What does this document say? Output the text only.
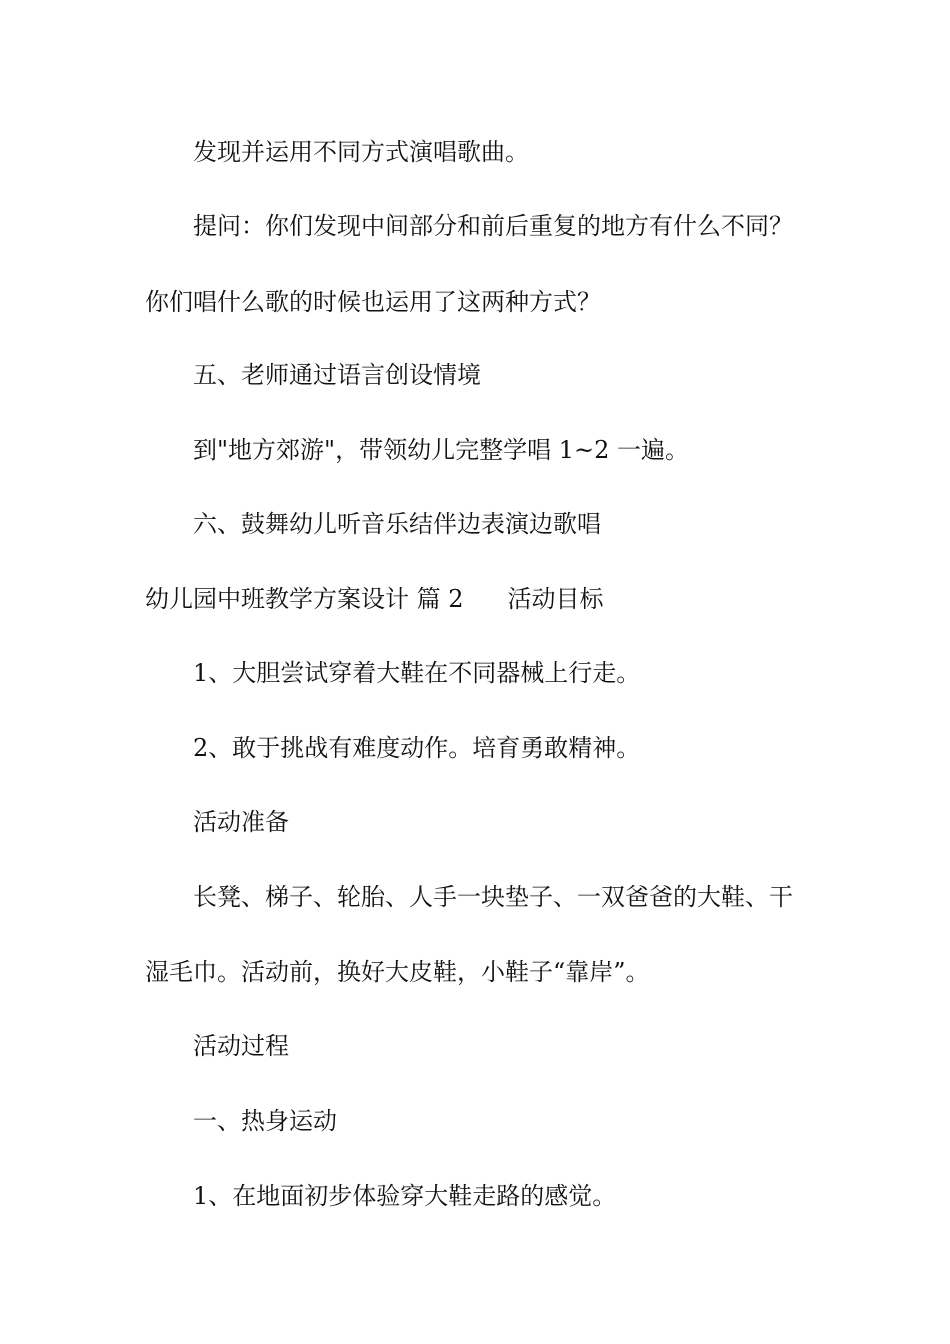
发现并运用不同方式演唱歌曲。
提问：你们发现中间部分和前后重复的地方有什么不同？
你们唱什么歌的时候也运用了这两种方式？
五、老师通过语言创设情境
到"地方郊游"，带领幼儿完整学唱 1~2 一遍。
六、鼓舞幼儿听音乐结伴边表演边歌唱
幼儿园中班教学方案设计 篇 2 活动目标
1、大胆尝试穿着大鞋在不同器械上行走。
2、敢于挑战有难度动作。培育勇敢精神。
活动准备
长凳、梯子、轮胎、人手一块垫子、一双爸爸的大鞋、干
湿毛巾。活动前，换好大皮鞋，小鞋子“靠岸”。
活动过程
一、热身运动
1、在地面初步体验穿大鞋走路的感觉。
